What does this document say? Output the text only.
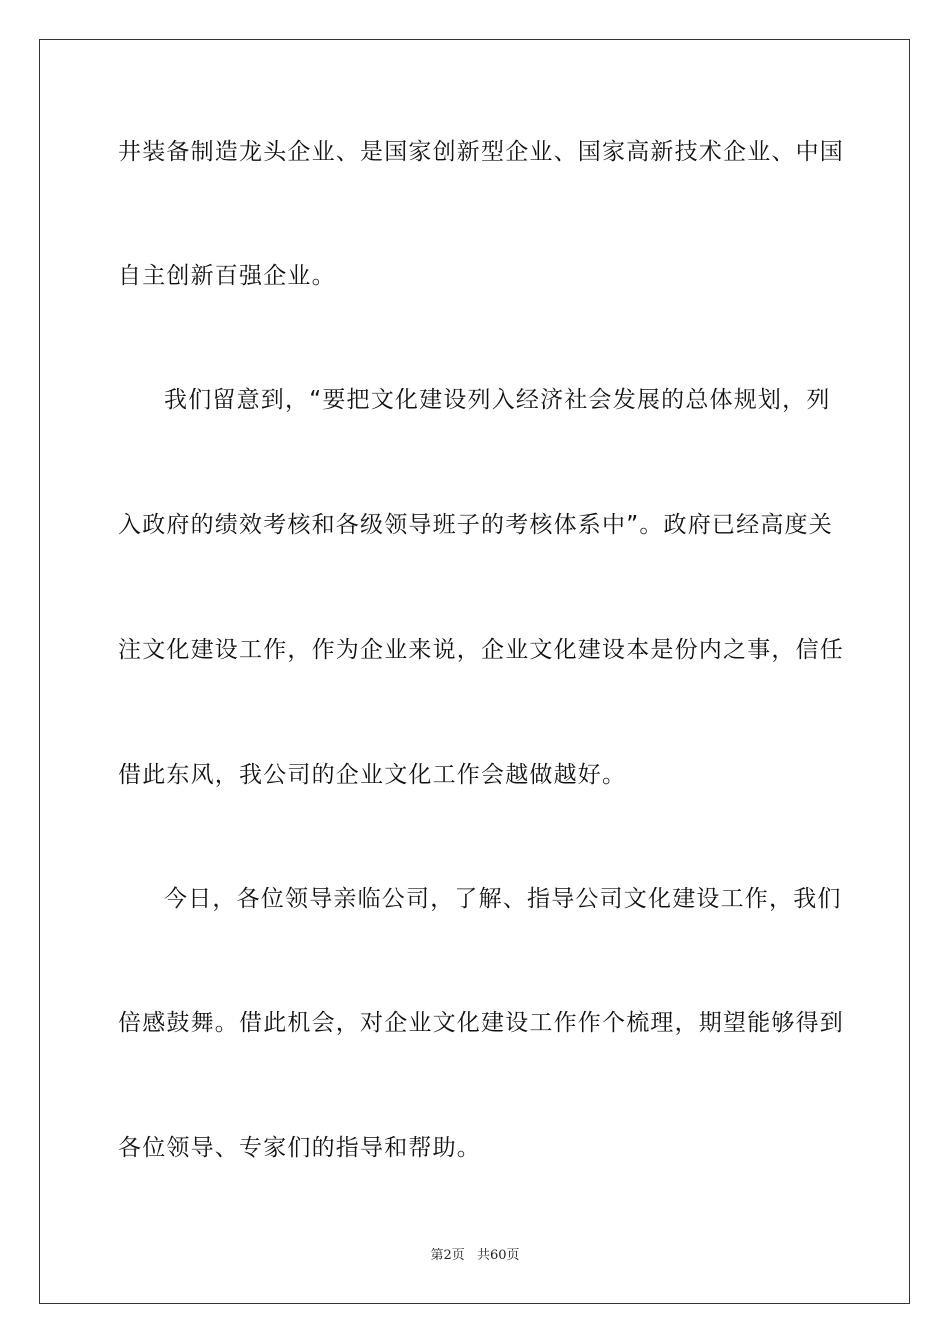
井装备制造龙头企业、是国家创新型企业、国家高新技术企业、中国
自主创新百强企业。
我们留意到，“要把文化建设列入经济社会发展的总体规划，列
入政府的绩效考核和各级领导班子的考核体系中”。政府已经高度关
注文化建设工作，作为企业来说，企业文化建设本是份内之事，信任
借此东风，我公司的企业文化工作会越做越好。
今日，各位领导亲临公司，了解、指导公司文化建设工作，我们
倍感鼓舞。借此机会，对企业文化建设工作作个梳理，期望能够得到
各位领导、专家们的指导和帮助。
第2页 共60页
